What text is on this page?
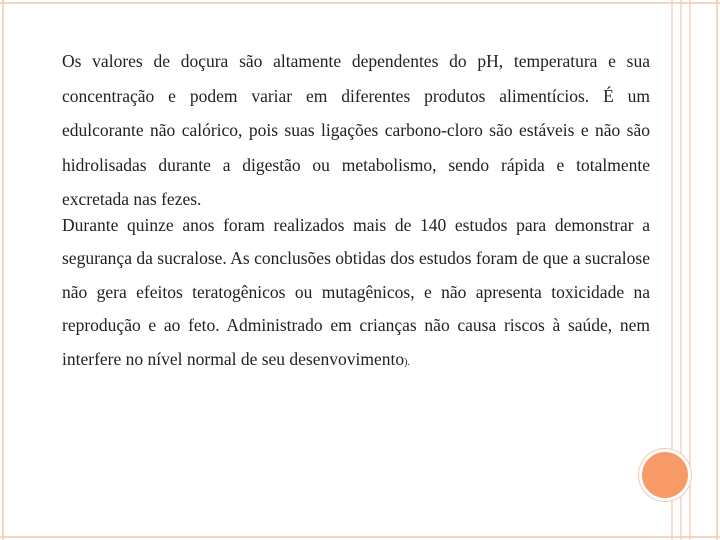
Os valores de doçura são altamente dependentes do pH, temperatura e sua concentração e podem variar em diferentes produtos alimentícios. É um edulcorante não calórico, pois suas ligações carbono-cloro são estáveis e não são hidrolisadas durante a digestão ou metabolismo, sendo rápida e totalmente excretada nas fezes.

Durante quinze anos foram realizados mais de 140 estudos para demonstrar a segurança da sucralose. As conclusões obtidas dos estudos foram de que a sucralose não gera efeitos teratogênicos ou mutagênicos, e não apresenta toxicidade na reprodução e ao feto. Administrado em crianças não causa riscos à saúde, nem interfere no nível normal de seu desenvovimento).
